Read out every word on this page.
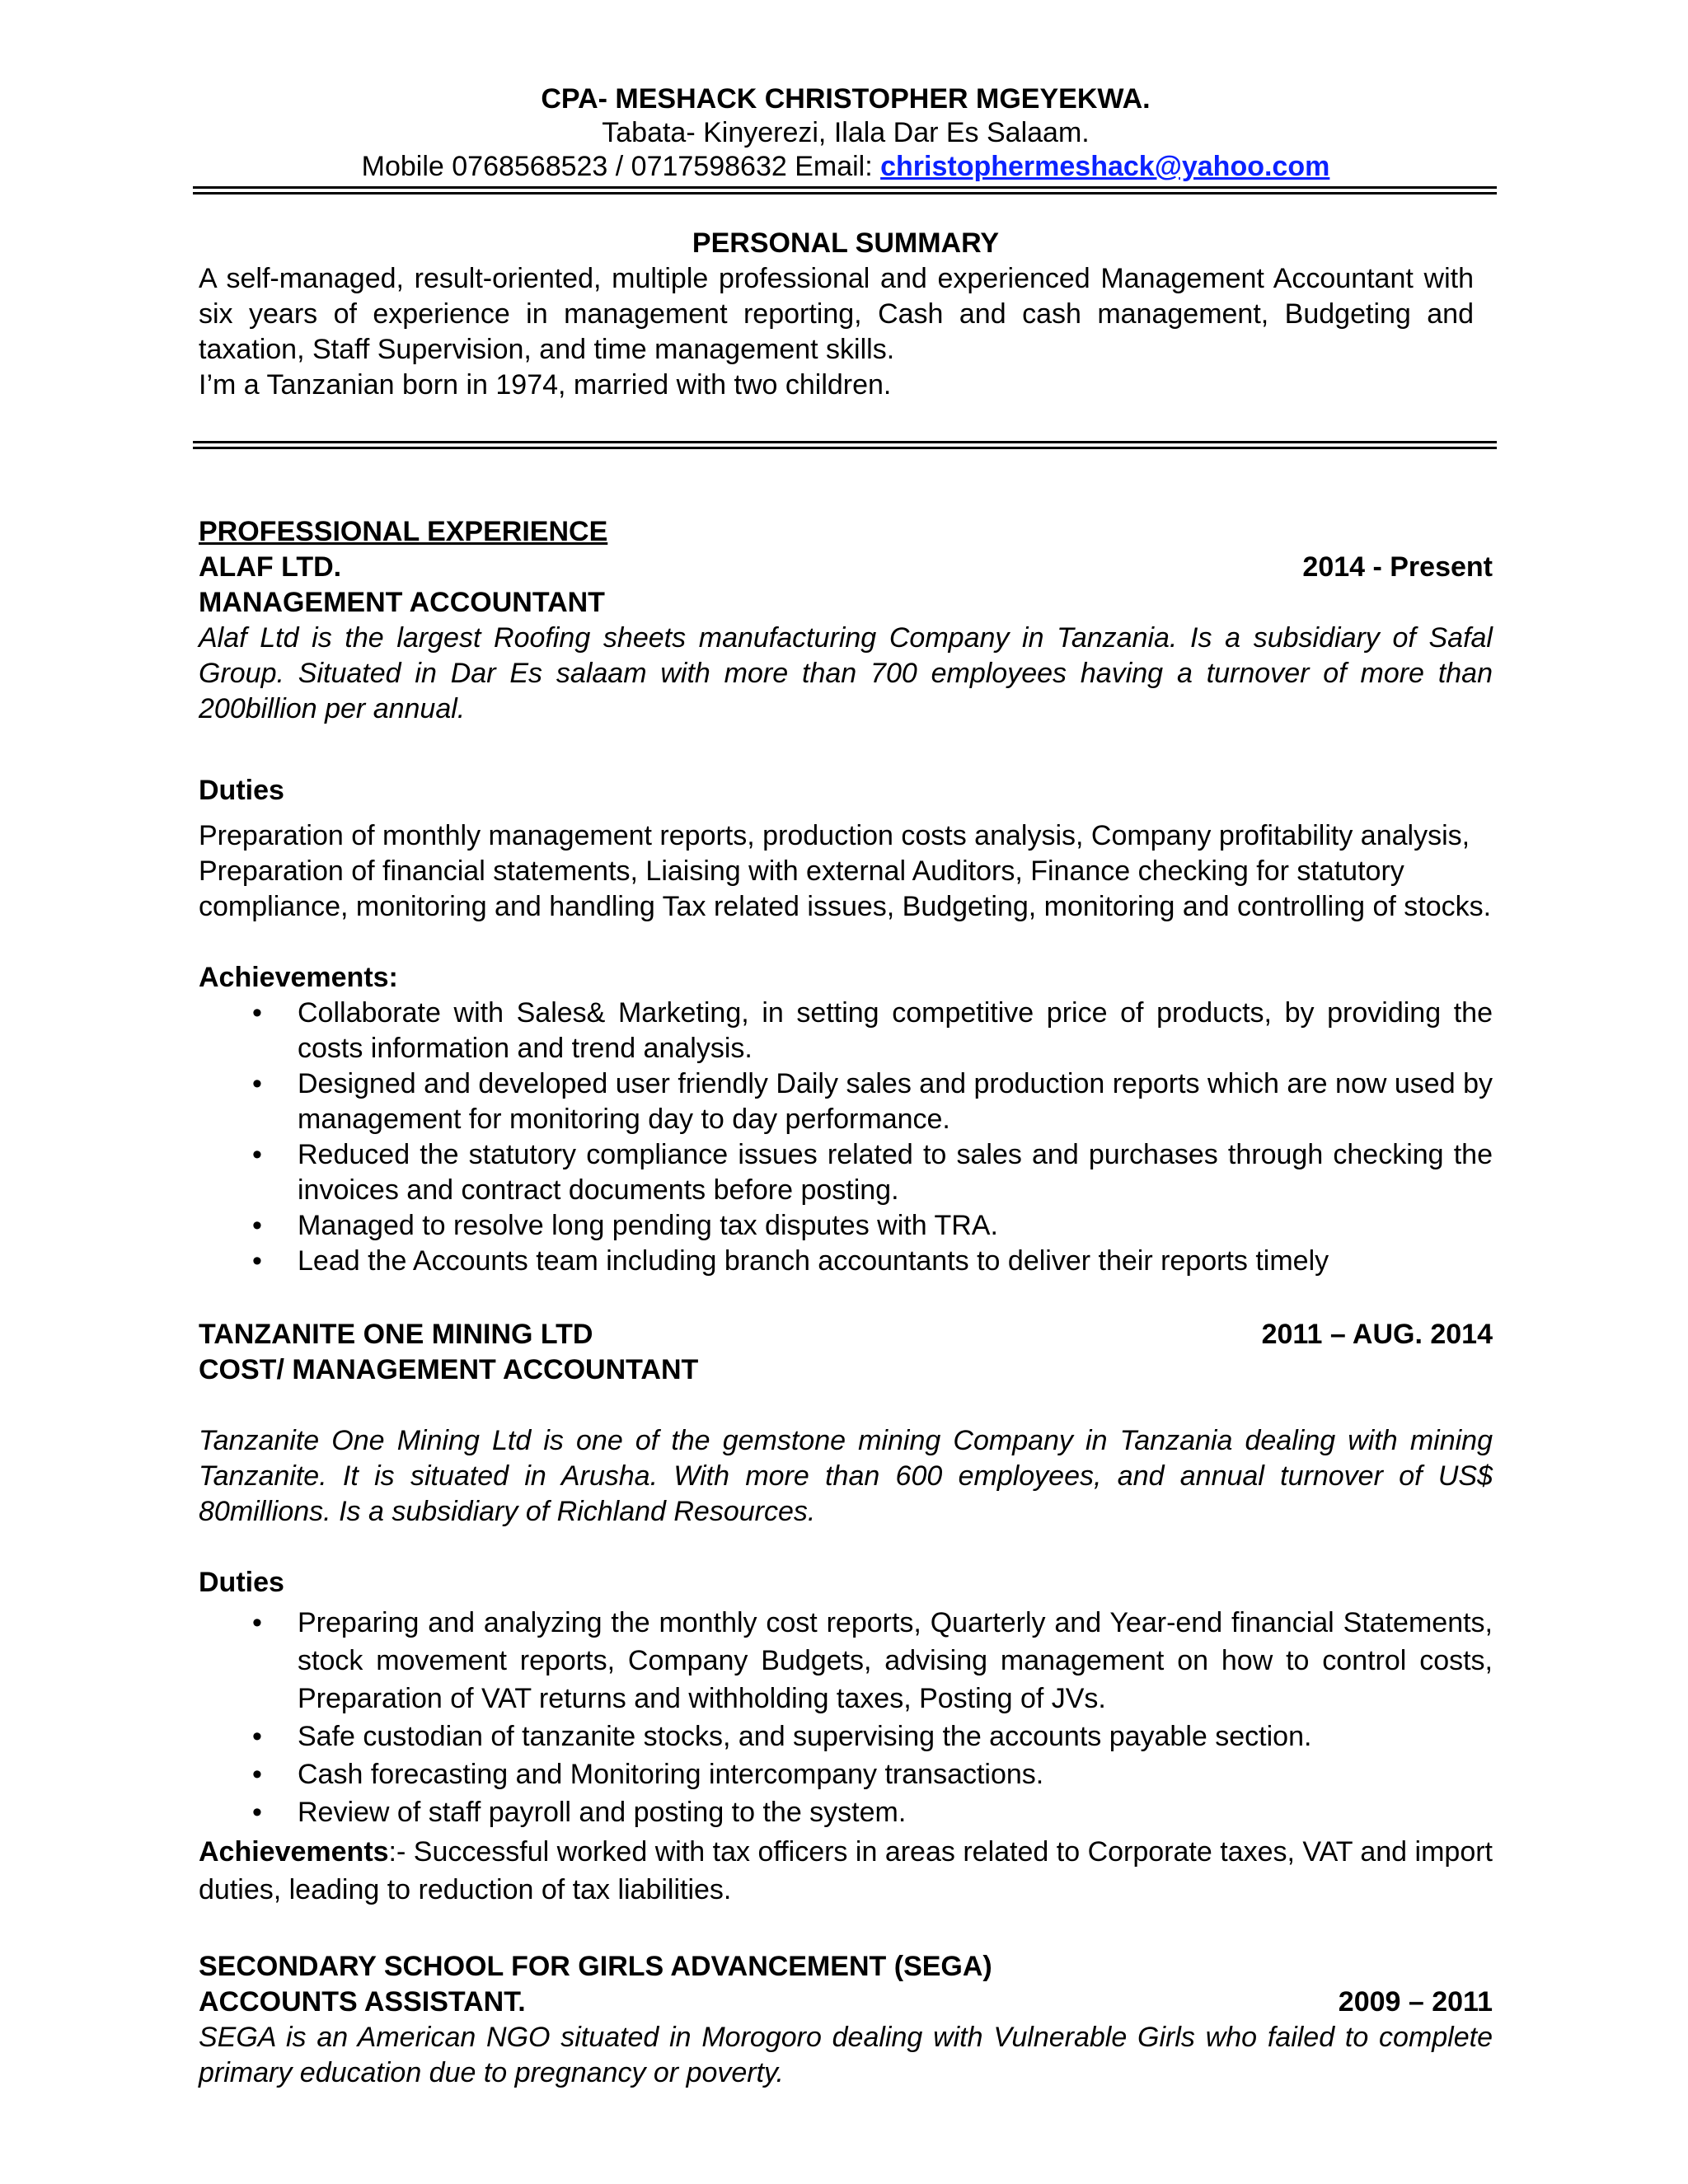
CPA- MESHACK CHRISTOPHER MGEYEKWA.
Tabata- Kinyerezi, Ilala Dar Es Salaam.
Mobile 0768568523 / 0717598632 Email: christophermeshack@yahoo.com
PERSONAL SUMMARY
A self-managed, result-oriented, multiple professional and experienced Management Accountant with six years of experience in management reporting, Cash and cash management, Budgeting and taxation, Staff Supervision, and time management skills.
I’m a Tanzanian born in 1974, married with two children.
PROFESSIONAL EXPERIENCE
ALAF LTD.	2014 - Present
MANAGEMENT ACCOUNTANT
Alaf Ltd is the largest Roofing sheets manufacturing Company in Tanzania. Is a subsidiary of Safal Group. Situated in Dar Es salaam with more than 700 employees having a turnover of more than 200billion per annual.
Duties
Preparation of monthly management reports, production costs analysis, Company profitability analysis, Preparation of financial statements, Liaising with external Auditors, Finance checking for statutory compliance, monitoring and handling Tax related issues, Budgeting, monitoring and controlling of stocks.
Achievements:
• Collaborate with Sales& Marketing, in setting competitive price of products, by providing the costs information and trend analysis.
• Designed and developed user friendly Daily sales and production reports which are now used by management for monitoring day to day performance.
• Reduced the statutory compliance issues related to sales and purchases through checking the invoices and contract documents before posting.
• Managed to resolve long pending tax disputes with TRA.
• Lead the Accounts team including branch accountants to deliver their reports timely
TANZANITE ONE MINING LTD	2011 – AUG. 2014
COST/ MANAGEMENT ACCOUNTANT
Tanzanite One Mining Ltd is one of the gemstone mining Company in Tanzania dealing with mining Tanzanite. It is situated in Arusha. With more than 600 employees, and annual turnover of US$ 80millions. Is a subsidiary of Richland Resources.
Duties
• Preparing and analyzing the monthly cost reports, Quarterly and Year-end financial Statements, stock movement reports, Company Budgets, advising management on how to control costs, Preparation of VAT returns and withholding taxes, Posting of JVs.
• Safe custodian of tanzanite stocks, and supervising the accounts payable section.
• Cash forecasting and Monitoring intercompany transactions.
• Review of staff payroll and posting to the system.
Achievements:- Successful worked with tax officers in areas related to Corporate taxes, VAT and import duties, leading to reduction of tax liabilities.
SECONDARY SCHOOL FOR GIRLS ADVANCEMENT (SEGA)
ACCOUNTS ASSISTANT.	2009 – 2011
SEGA is an American NGO situated in Morogoro dealing with Vulnerable Girls who failed to complete primary education due to pregnancy or poverty.
